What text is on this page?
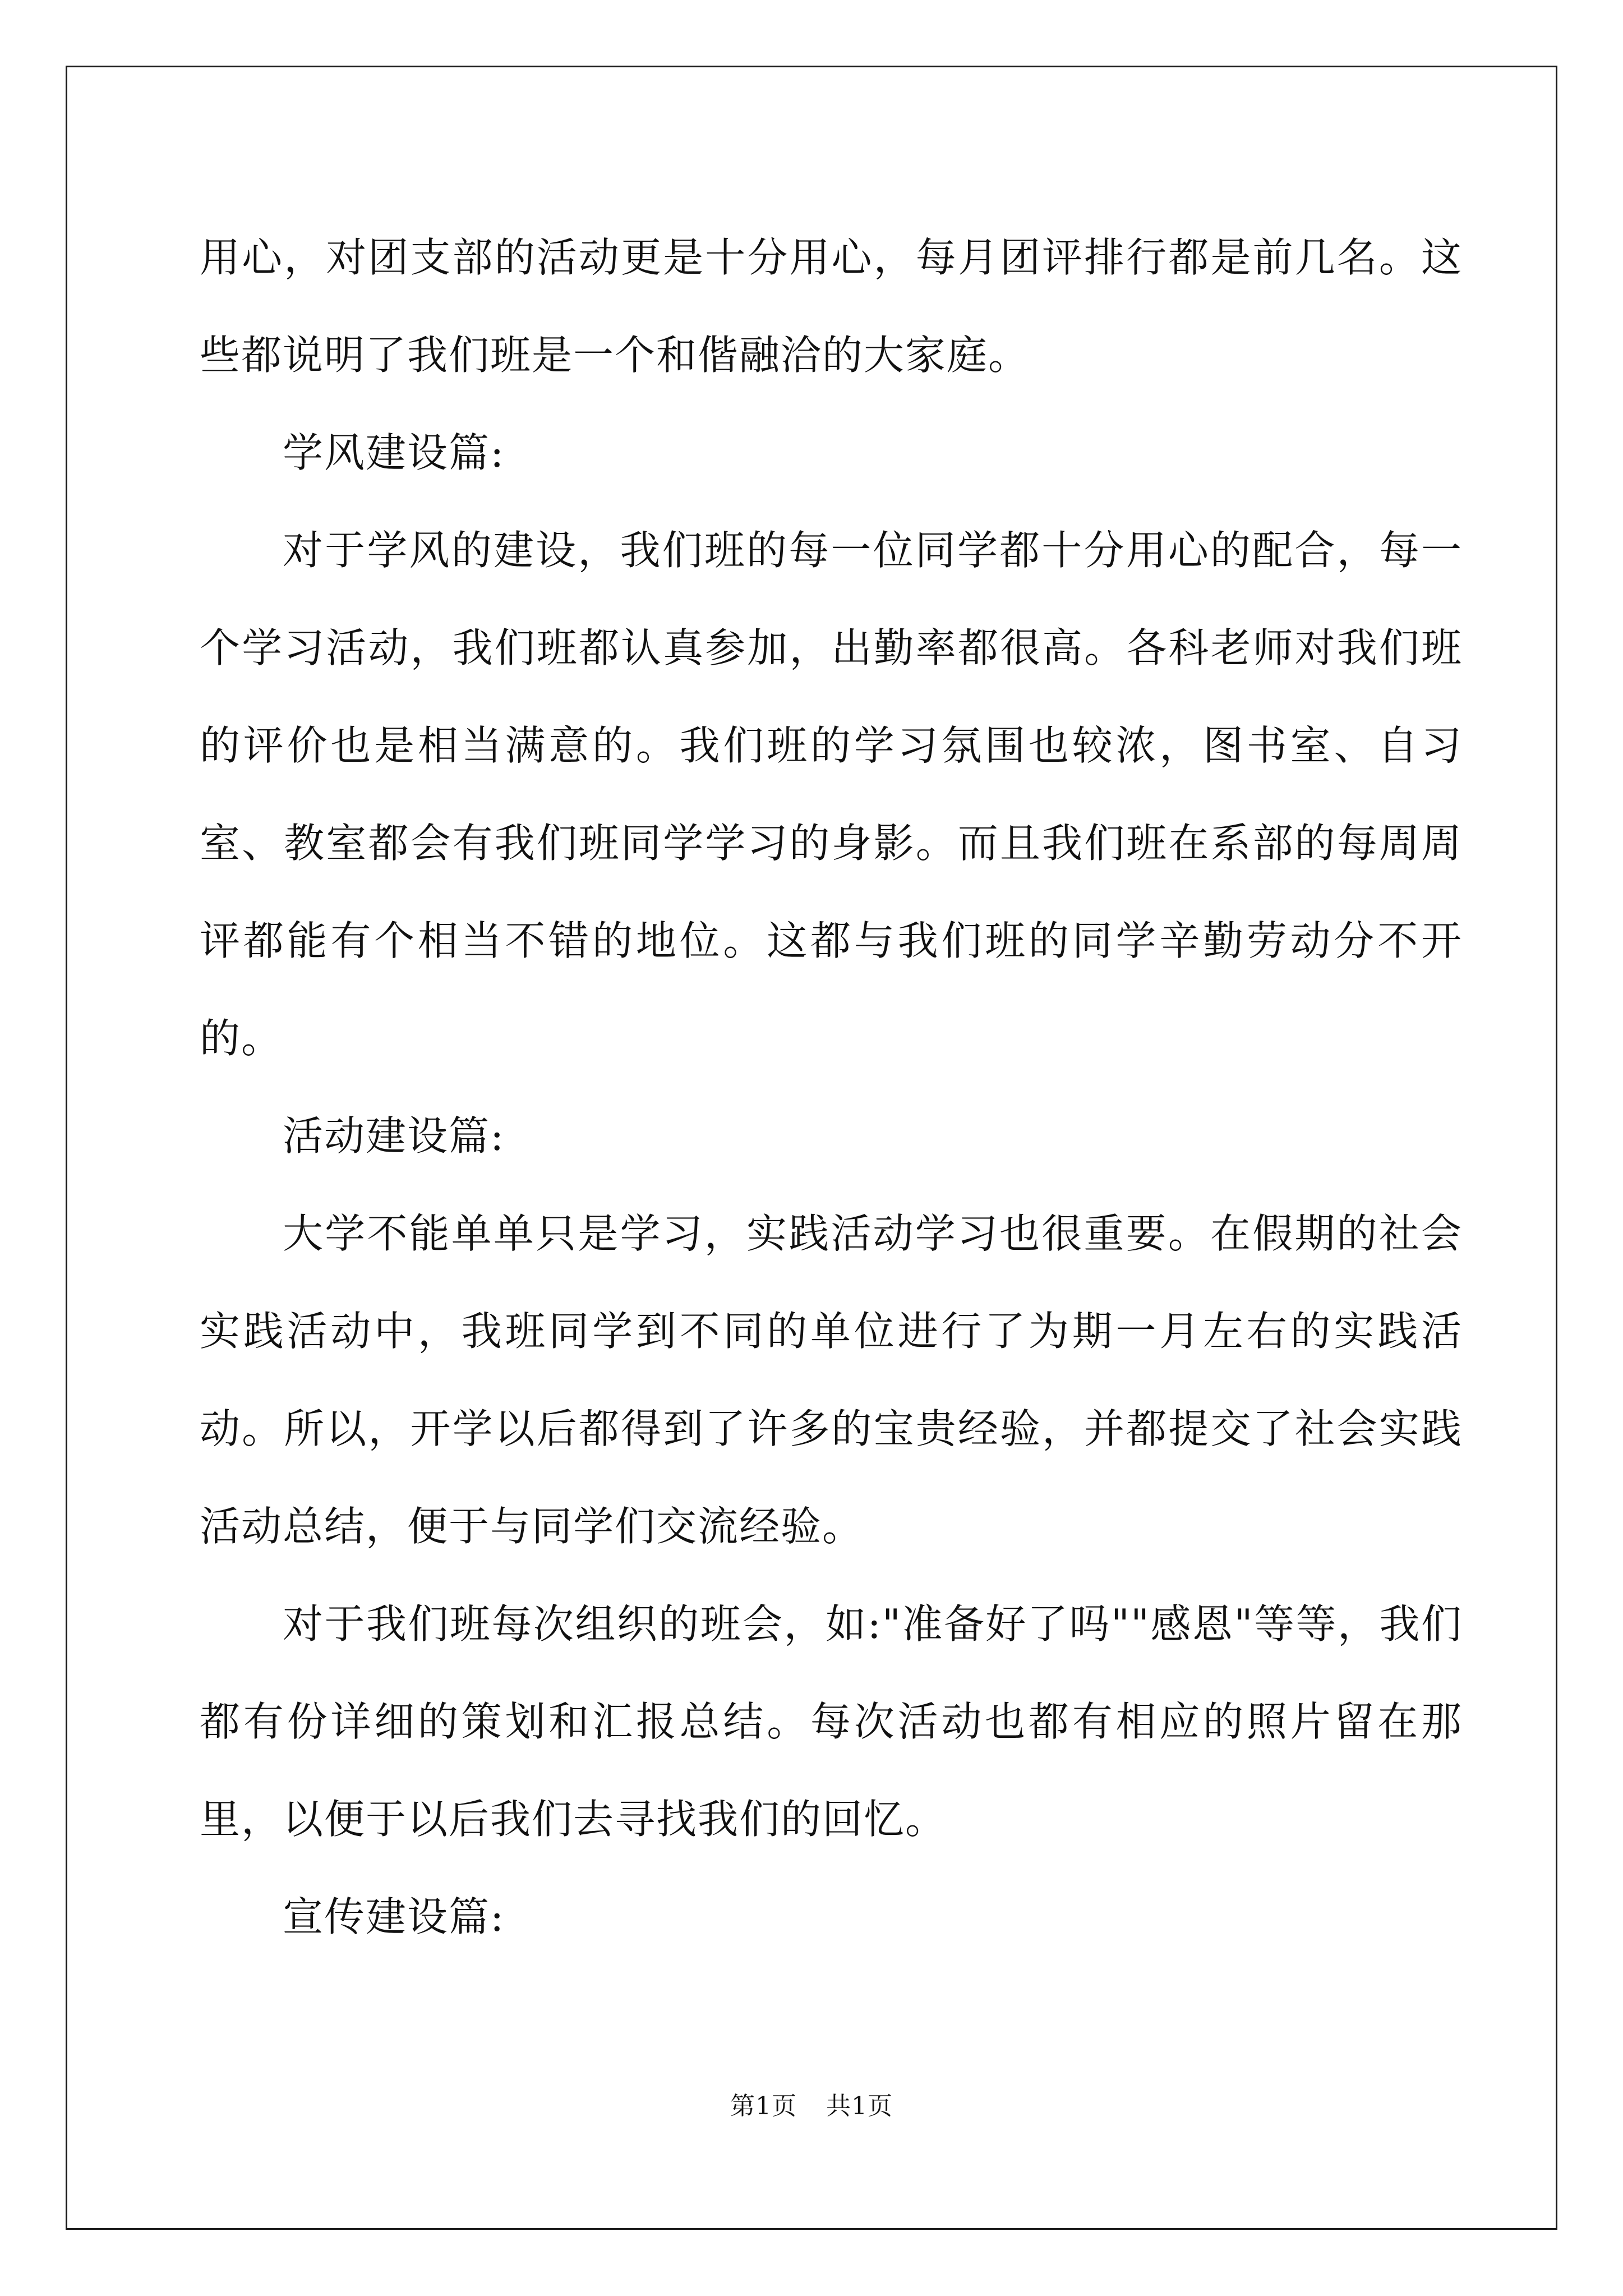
用心，对团支部的活动更是十分用心，每月团评排行都是前几名。这些都说明了我们班是一个和偕融洽的大家庭。

学风建设篇:

对于学风的建设，我们班的每一位同学都十分用心的配合，每一个学习活动，我们班都认真参加，出勤率都很高。各科老师对我们班的评价也是相当满意的。我们班的学习氛围也较浓，图书室、自习室、教室都会有我们班同学学习的身影。而且我们班在系部的每周周评都能有个相当不错的地位。这都与我们班的同学辛勤劳动分不开的。

活动建设篇:

大学不能单单只是学习，实践活动学习也很重要。在假期的社会实践活动中，我班同学到不同的单位进行了为期一月左右的实践活动。所以，开学以后都得到了许多的宝贵经验，并都提交了社会实践活动总结，便于与同学们交流经验。

对于我们班每次组织的班会，如:"准备好了吗""感恩"等等，我们都有份详细的策划和汇报总结。每次活动也都有相应的照片留在那里，以便于以后我们去寻找我们的回忆。

宣传建设篇:

第1页 共1页
